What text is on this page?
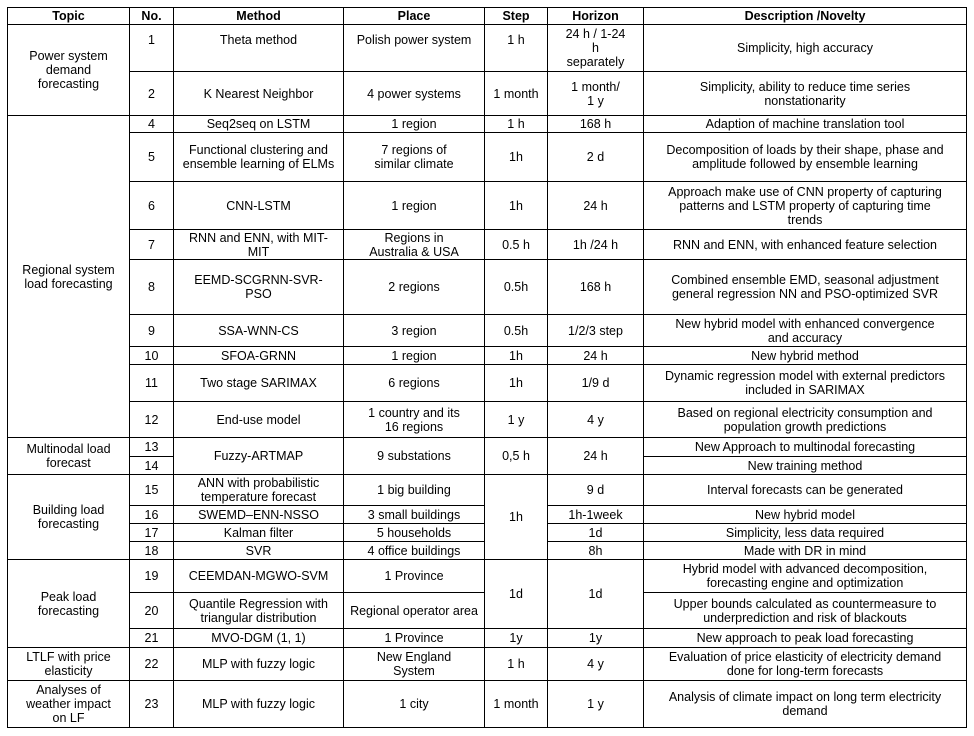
Topic	No.	Method	Place	Step	Horizon	Description /Novelty
Power system demand forecasting	1	Theta method	Polish power system	1 h	24 h / 1-24 h separately	Simplicity, high accuracy
	2	K Nearest Neighbor	4 power systems	1 month	1 month/ 1 y	Simplicity, ability to reduce time series nonstationarity
Regional system load forecasting	4	Seq2seq on LSTM	1 region	1 h	168 h	Adaption of machine translation tool
	5	Functional clustering and ensemble learning of ELMs	7 regions of similar climate	1h	2 d	Decomposition of loads by their shape, phase and amplitude followed by ensemble learning
	6	CNN-LSTM	1 region	1h	24 h	Approach make use of CNN property of capturing patterns and LSTM property of capturing time trends
	7	RNN and ENN, with MIT-MIT	Regions in Australia & USA	0.5 h	1h /24 h	RNN and ENN, with enhanced feature selection
	8	EEMD-SCGRNN-SVR-PSO	2 regions	0.5h	168 h	Combined ensemble EMD, seasonal adjustment general regression NN and PSO-optimized SVR
	9	SSA-WNN-CS	3 region	0.5h	1/2/3 step	New hybrid model with enhanced convergence and accuracy
	10	SFOA-GRNN	1 region	1h	24 h	New hybrid method
	11	Two stage SARIMAX	6 regions	1h	1/9 d	Dynamic regression model with external predictors included in SARIMAX
	12	End-use model	1 country and its 16 regions	1 y	4 y	Based on regional electricity consumption and population growth predictions
Multinodal load forecast	13	Fuzzy-ARTMAP	9 substations	0,5 h	24 h	New Approach to multinodal forecasting
	14					New training method
Building load forecasting	15	ANN with probabilistic temperature forecast	1 big building	1h	9 d	Interval forecasts can be generated
	16	SWEMD–ENN-NSSO	3 small buildings		1h-1week	New hybrid model
	17	Kalman filter	5 households		1d	Simplicity, less data required
	18	SVR	4 office buildings		8h	Made with DR in mind
Peak load forecasting	19	CEEMDAN-MGWO-SVM	1 Province	1d	1d	Hybrid model with advanced decomposition, forecasting engine and optimization
	20	Quantile Regression with triangular distribution	Regional operator area			Upper bounds calculated as countermeasure to underprediction and risk of blackouts
	21	MVO-DGM (1, 1)	1 Province	1y	1y	New approach to peak load forecasting
LTLF with price elasticity	22	MLP with fuzzy logic	New England System	1 h	4 y	Evaluation of price elasticity of electricity demand done for long-term forecasts
Analyses of weather impact on LF	23	MLP with fuzzy logic	1 city	1 month	1 y	Analysis of climate impact on long term electricity demand
